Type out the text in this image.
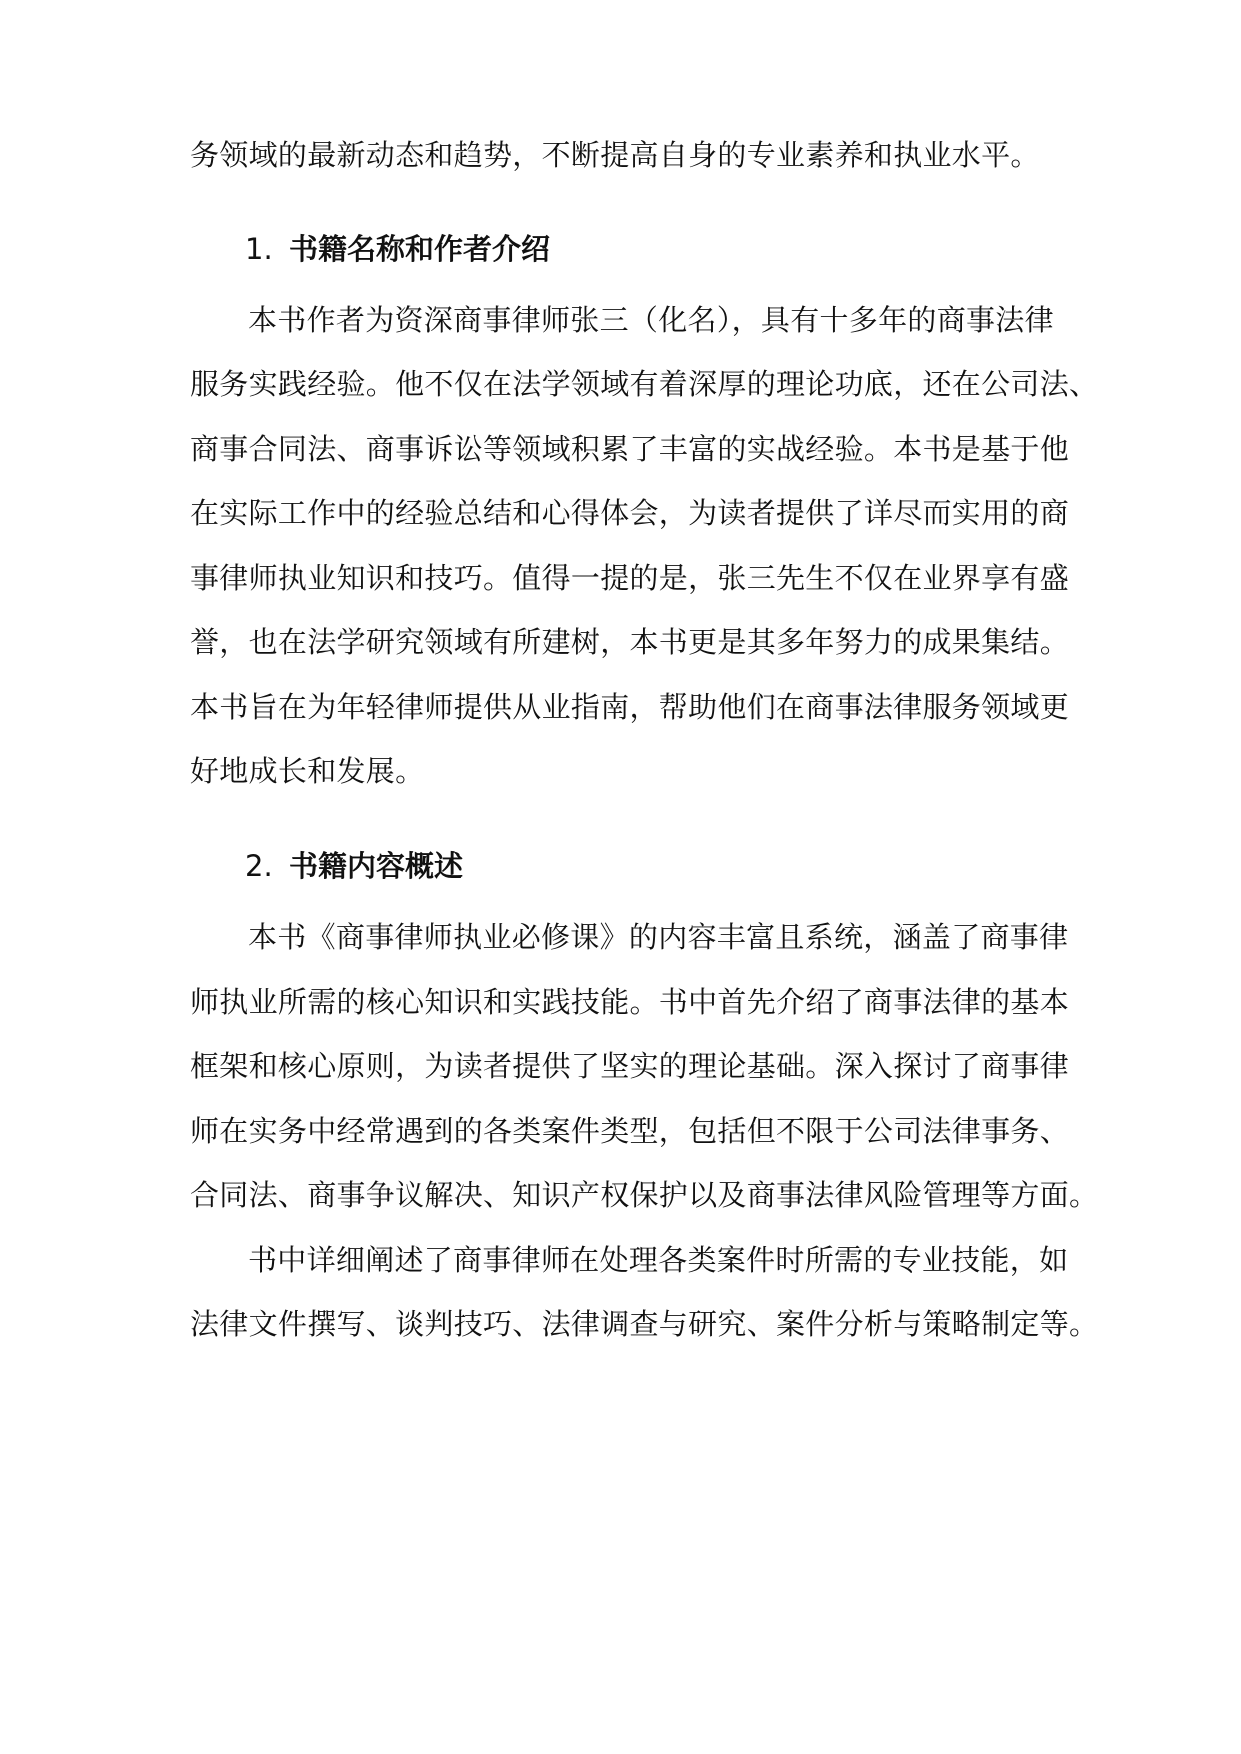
务领域的最新动态和趋势，不断提高自身的专业素养和执业水平。
1. 书籍名称和作者介绍
本书作者为资深商事律师张三（化名），具有十多年的商事法律
服务实践经验。他不仅在法学领域有着深厚的理论功底，还在公司法、
商事合同法、商事诉讼等领域积累了丰富的实战经验。本书是基于他
在实际工作中的经验总结和心得体会，为读者提供了详尽而实用的商
事律师执业知识和技巧。值得一提的是，张三先生不仅在业界享有盛
誉，也在法学研究领域有所建树，本书更是其多年努力的成果集结。
本书旨在为年轻律师提供从业指南，帮助他们在商事法律服务领域更
好地成长和发展。
2. 书籍内容概述
本书《商事律师执业必修课》的内容丰富且系统，涵盖了商事律
师执业所需的核心知识和实践技能。书中首先介绍了商事法律的基本
框架和核心原则，为读者提供了坚实的理论基础。深入探讨了商事律
师在实务中经常遇到的各类案件类型，包括但不限于公司法律事务、
合同法、商事争议解决、知识产权保护以及商事法律风险管理等方面。
书中详细阐述了商事律师在处理各类案件时所需的专业技能，如
法律文件撰写、谈判技巧、法律调查与研究、案件分析与策略制定等。
